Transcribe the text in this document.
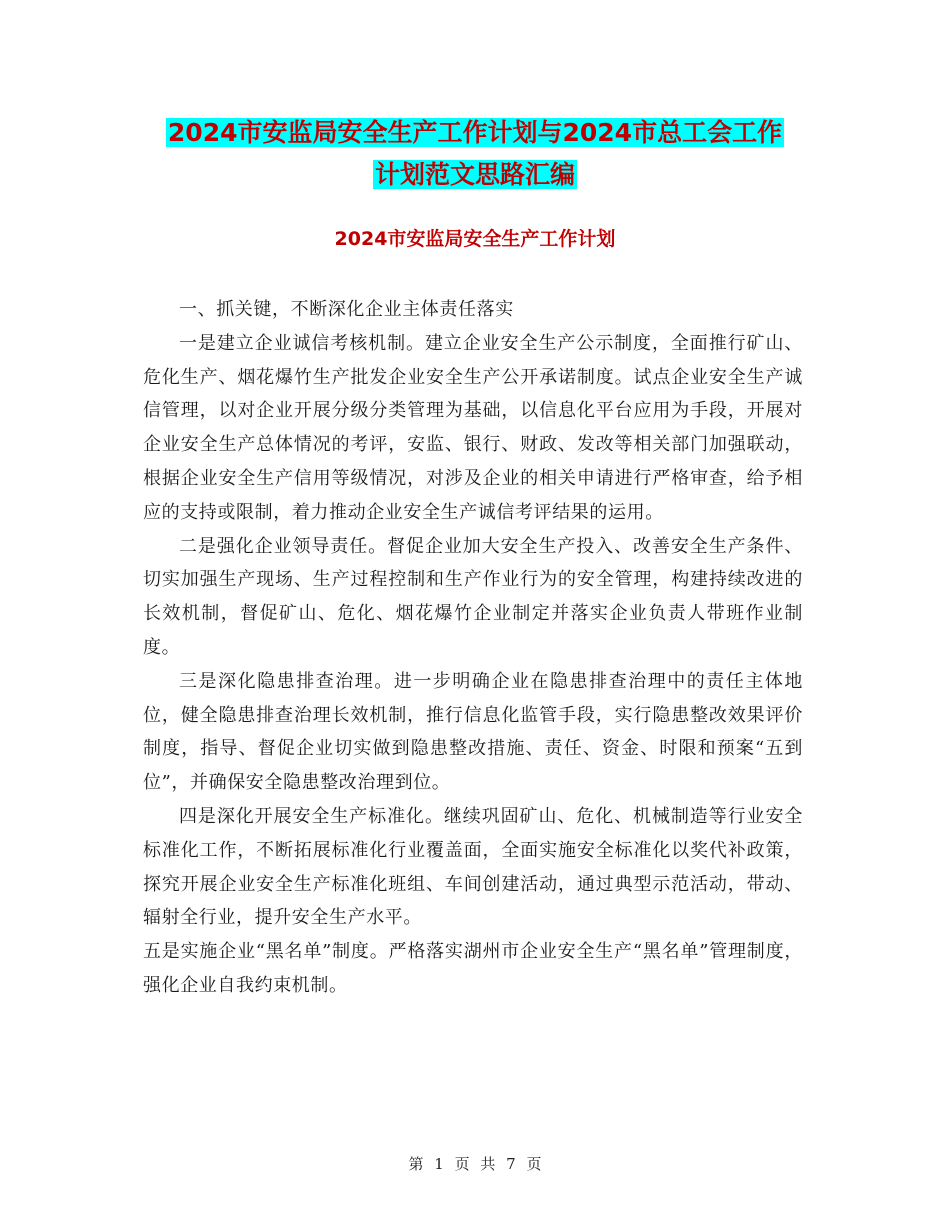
2024市安监局安全生产工作计划与2024市总工会工作
计划范文思路汇编
2024市安监局安全生产工作计划

一、抓关键，不断深化企业主体责任落实

一是建立企业诚信考核机制。建立企业安全生产公示制度，全面推行矿山、危化生产、烟花爆竹生产批发企业安全生产公开承诺制度。试点企业安全生产诚信管理，以对企业开展分级分类管理为基础，以信息化平台应用为手段，开展对企业安全生产总体情况的考评，安监、银行、财政、发改等相关部门加强联动，根据企业安全生产信用等级情况，对涉及企业的相关申请进行严格审查，给予相应的支持或限制，着力推动企业安全生产诚信考评结果的运用。

二是强化企业领导责任。督促企业加大安全生产投入、改善安全生产条件、切实加强生产现场、生产过程控制和生产作业行为的安全管理，构建持续改进的长效机制，督促矿山、危化、烟花爆竹企业制定并落实企业负责人带班作业制度。

三是深化隐患排查治理。进一步明确企业在隐患排查治理中的责任主体地位，健全隐患排查治理长效机制，推行信息化监管手段，实行隐患整改效果评价制度，指导、督促企业切实做到隐患整改措施、责任、资金、时限和预案“五到位”，并确保安全隐患整改治理到位。

四是深化开展安全生产标准化。继续巩固矿山、危化、机械制造等行业安全标准化工作，不断拓展标准化行业覆盖面，全面实施安全标准化以奖代补政策，探究开展企业安全生产标准化班组、车间创建活动，通过典型示范活动，带动、辐射全行业，提升安全生产水平。

五是实施企业“黑名单”制度。严格落实湖州市企业安全生产“黑名单”管理制度，强化企业自我约束机制。

第 1 页 共 7 页
